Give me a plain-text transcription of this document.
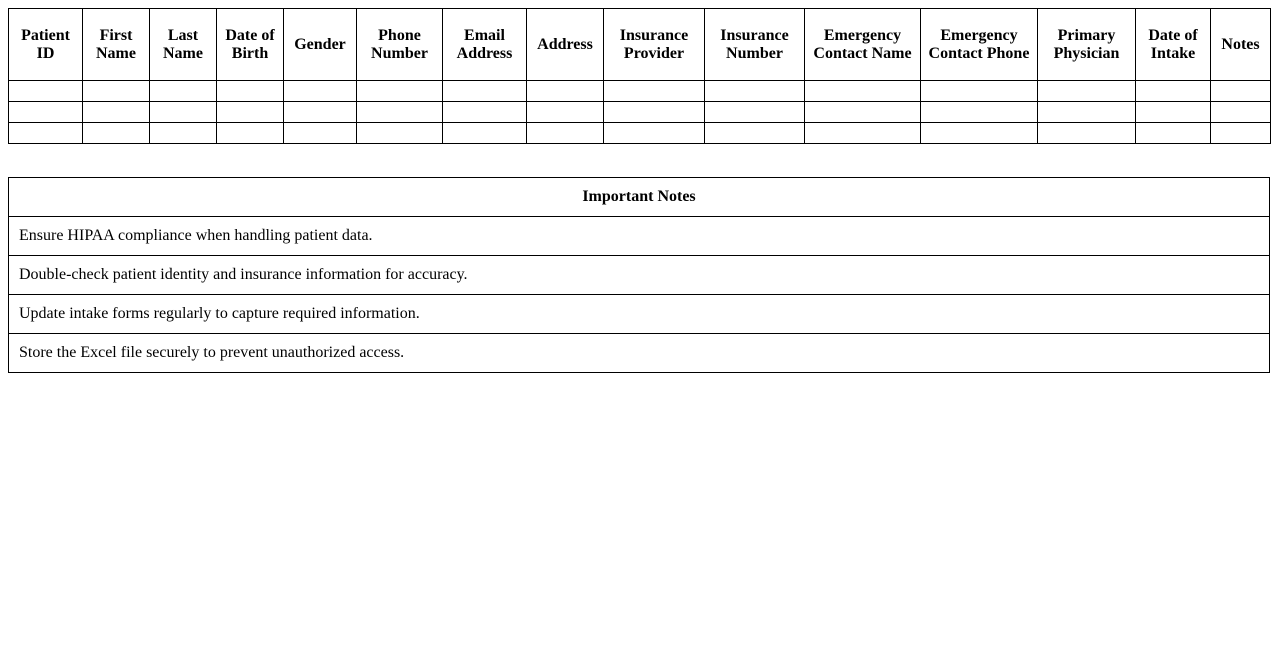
Patient ID	First Name	Last Name	Date of Birth	Gender	Phone Number	Email Address	Address	Insurance Provider	Insurance Number	Emergency Contact Name	Emergency Contact Phone	Primary Physician	Date of Intake	Notes

Important Notes
Ensure HIPAA compliance when handling patient data.
Double-check patient identity and insurance information for accuracy.
Update intake forms regularly to capture required information.
Store the Excel file securely to prevent unauthorized access.
